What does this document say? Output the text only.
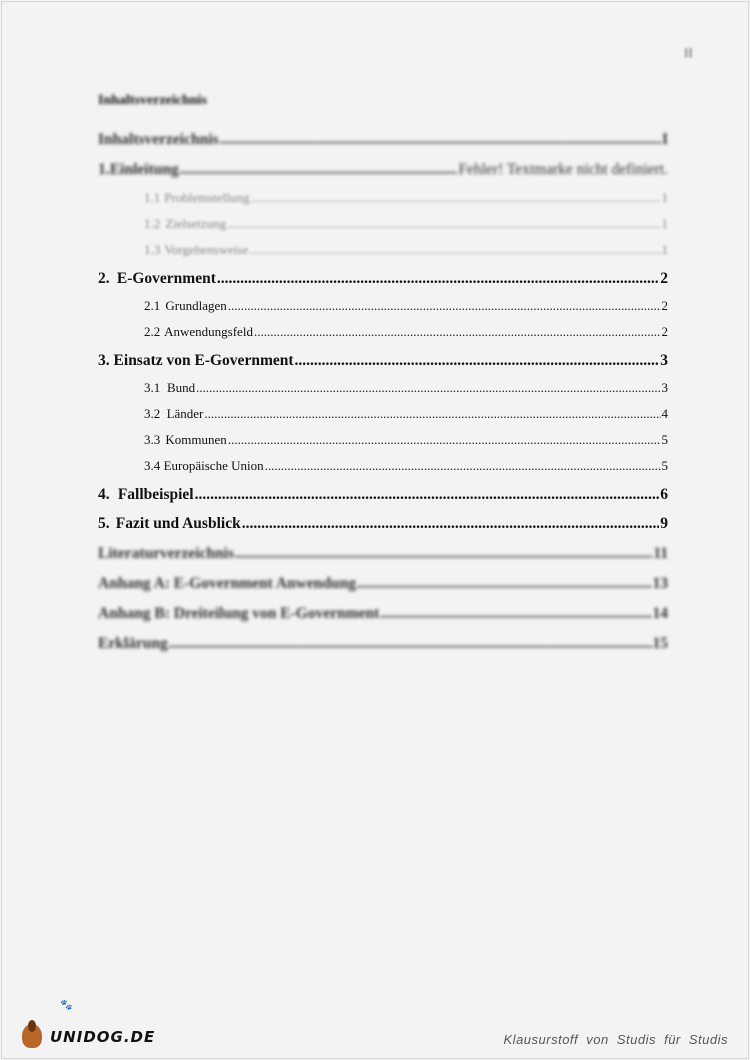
II
Inhaltsverzeichnis
Inhaltsverzeichnis .....	I
1. Einleitung .....	Fehler! Textmarke nicht definiert.
1.1 Problemstellung .....	1
1.2 Zielsetzung .....	1
1.3 Vorgehensweise .....	1
2. E-Government .....	2
2.1 Grundlagen .....	2
2.2 Anwendungsfeld .....	2
3. Einsatz von E-Government .....	3
3.1 Bund .....	3
3.2 Länder .....	4
3.3 Kommunen .....	5
3.4 Europäische Union .....	5
4. Fallbeispiel .....	6
5. Fazit und Ausblick .....	9
Literaturverzeichnis .....	11
Anhang A: E-Government Anwendung .....	13
Anhang B: Dreiteilung von E-Government .....	14
Erklärung .....	15
🐾
UNIDOG.DE	Klausurstoff von Studis für Studis
